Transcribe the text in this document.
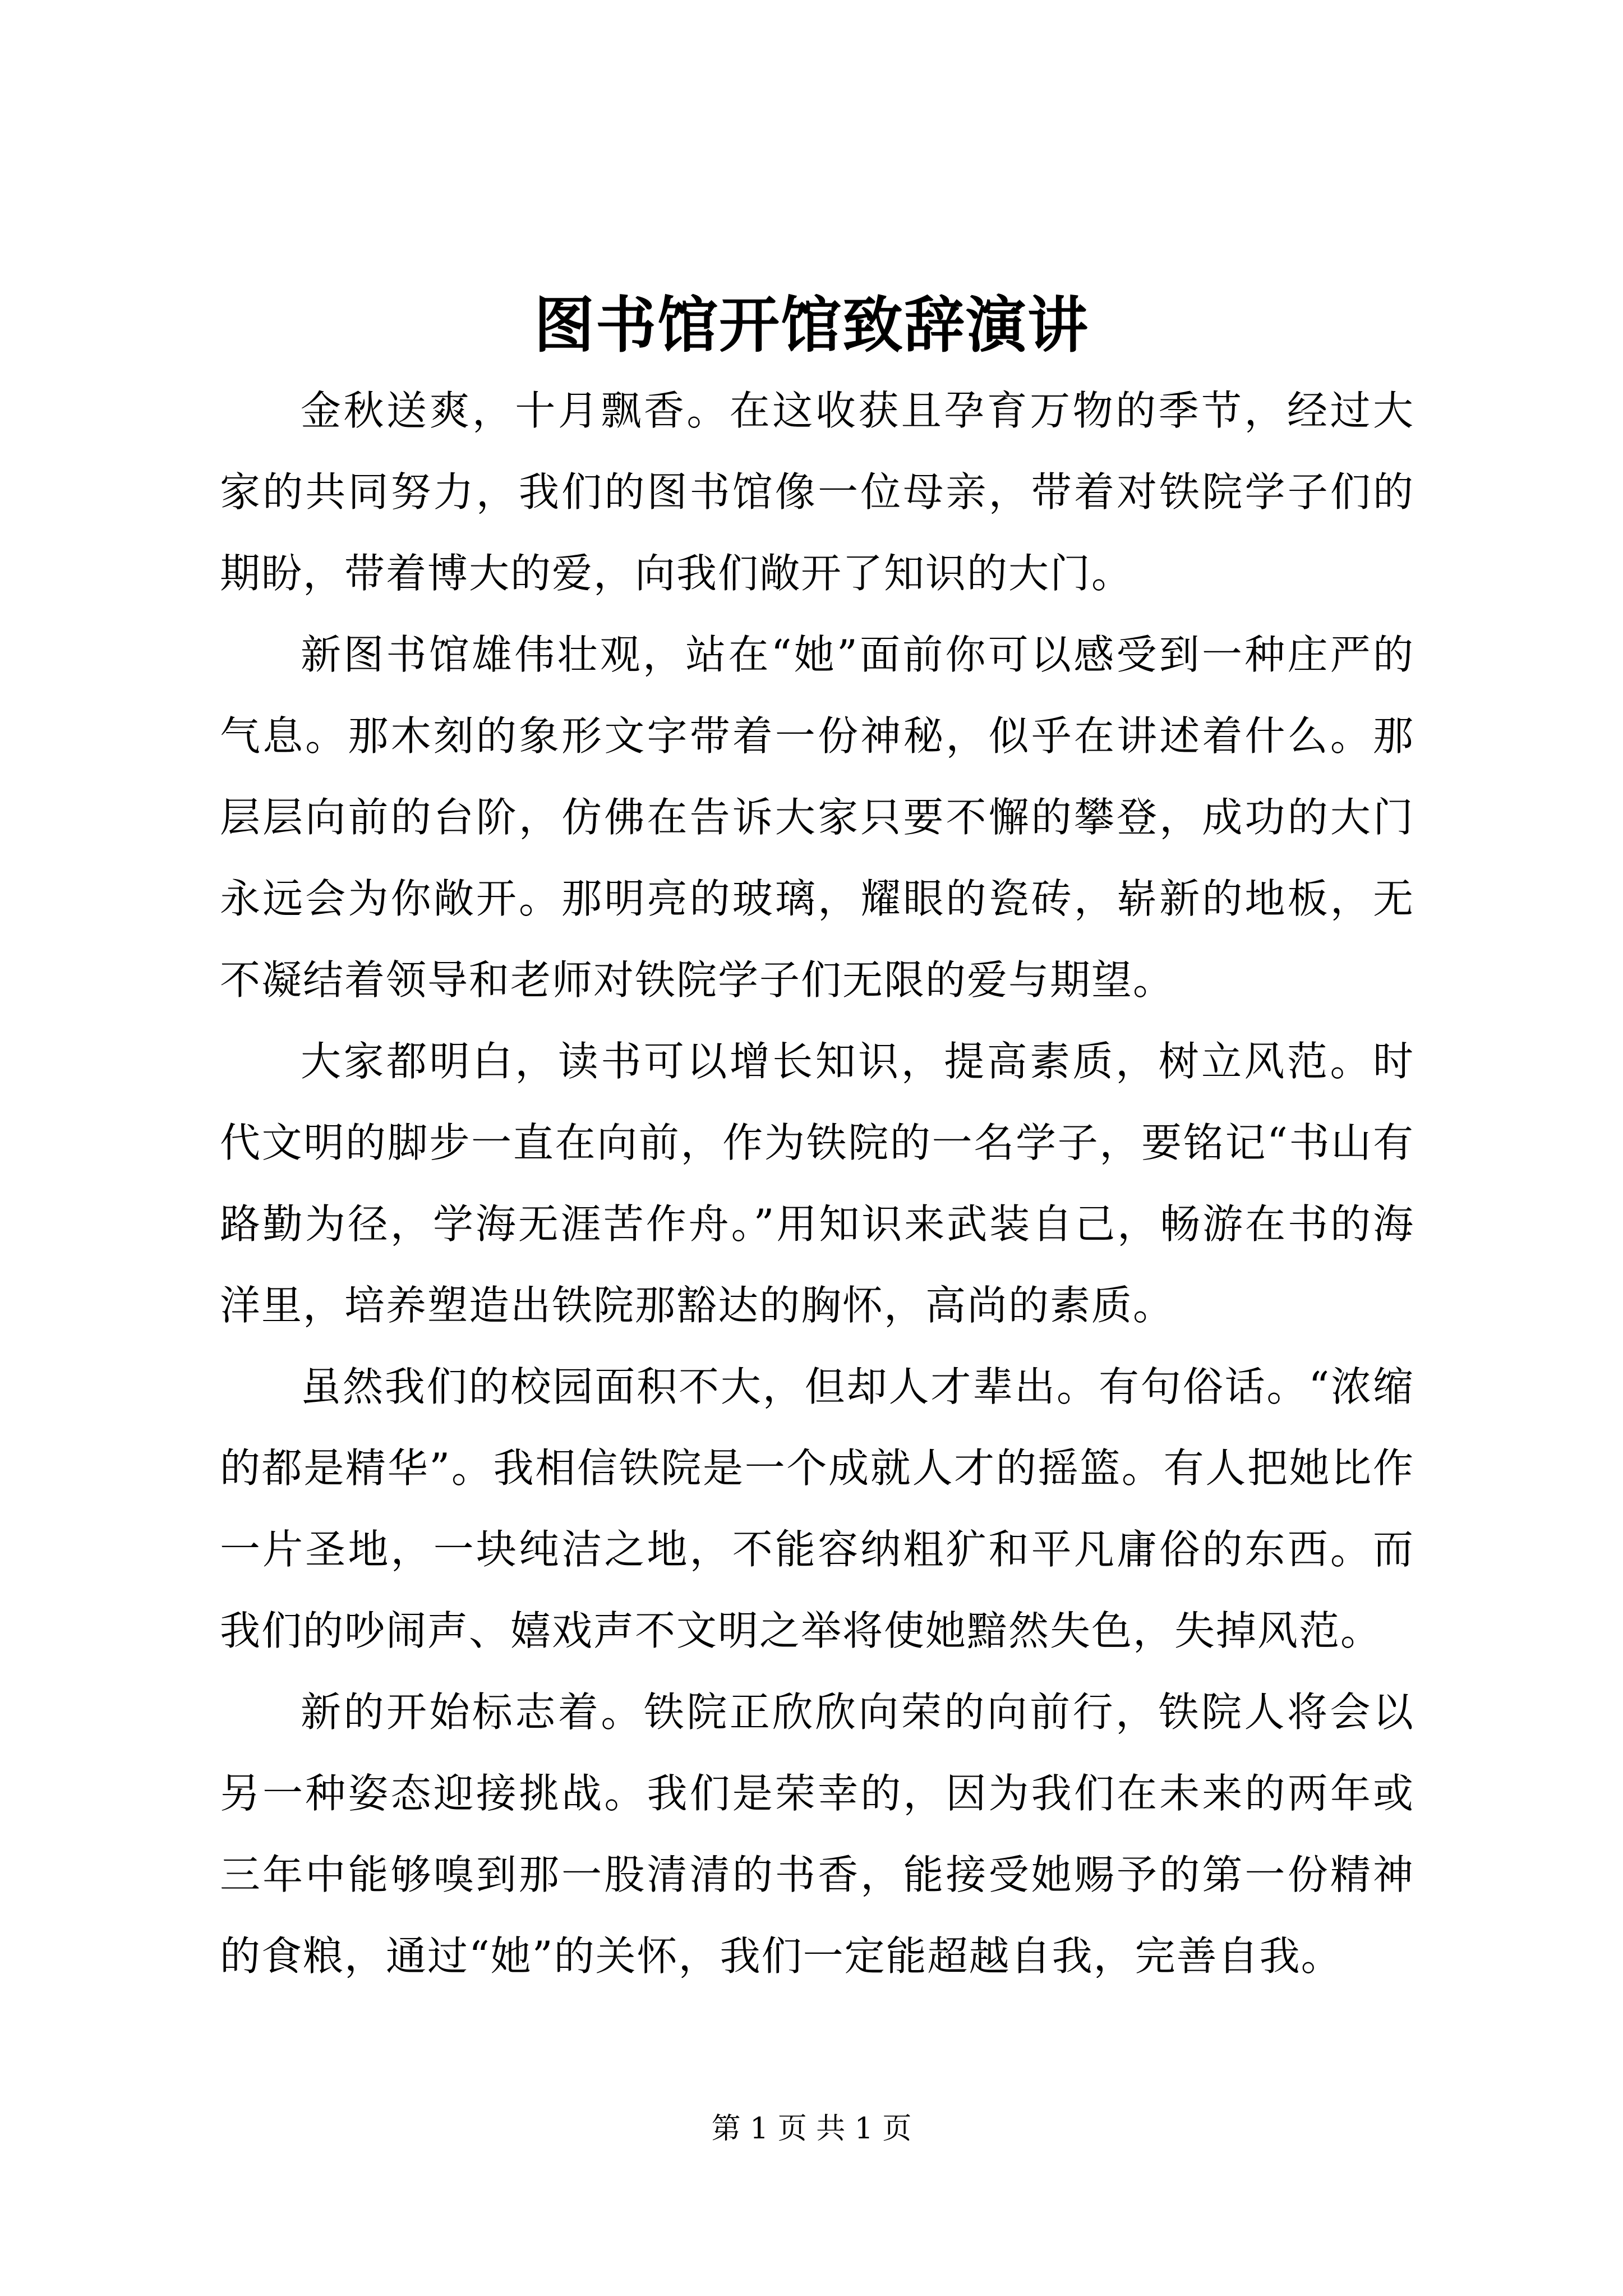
图书馆开馆致辞演讲

金秋送爽，十月飘香。在这收获且孕育万物的季节，经过大家的共同努力，我们的图书馆像一位母亲，带着对铁院学子们的期盼，带着博大的爱，向我们敞开了知识的大门。

新图书馆雄伟壮观，站在“她”面前你可以感受到一种庄严的气息。那木刻的象形文字带着一份神秘，似乎在讲述着什么。那层层向前的台阶，仿佛在告诉大家只要不懈的攀登，成功的大门永远会为你敞开。那明亮的玻璃，耀眼的瓷砖，崭新的地板，无不凝结着领导和老师对铁院学子们无限的爱与期望。

大家都明白，读书可以增长知识，提高素质，树立风范。时代文明的脚步一直在向前，作为铁院的一名学子，要铭记“书山有路勤为径，学海无涯苦作舟。”用知识来武装自己，畅游在书的海洋里，培养塑造出铁院那豁达的胸怀，高尚的素质。

虽然我们的校园面积不大，但却人才辈出。有句俗话。“浓缩的都是精华”。我相信铁院是一个成就人才的摇篮。有人把她比作一片圣地，一块纯洁之地，不能容纳粗犷和平凡庸俗的东西。而我们的吵闹声、嬉戏声不文明之举将使她黯然失色，失掉风范。

新的开始标志着。铁院正欣欣向荣的向前行，铁院人将会以另一种姿态迎接挑战。我们是荣幸的，因为我们在未来的两年或三年中能够嗅到那一股清清的书香，能接受她赐予的第一份精神的食粮，通过“她”的关怀，我们一定能超越自我，完善自我。

第 1 页 共 1 页
